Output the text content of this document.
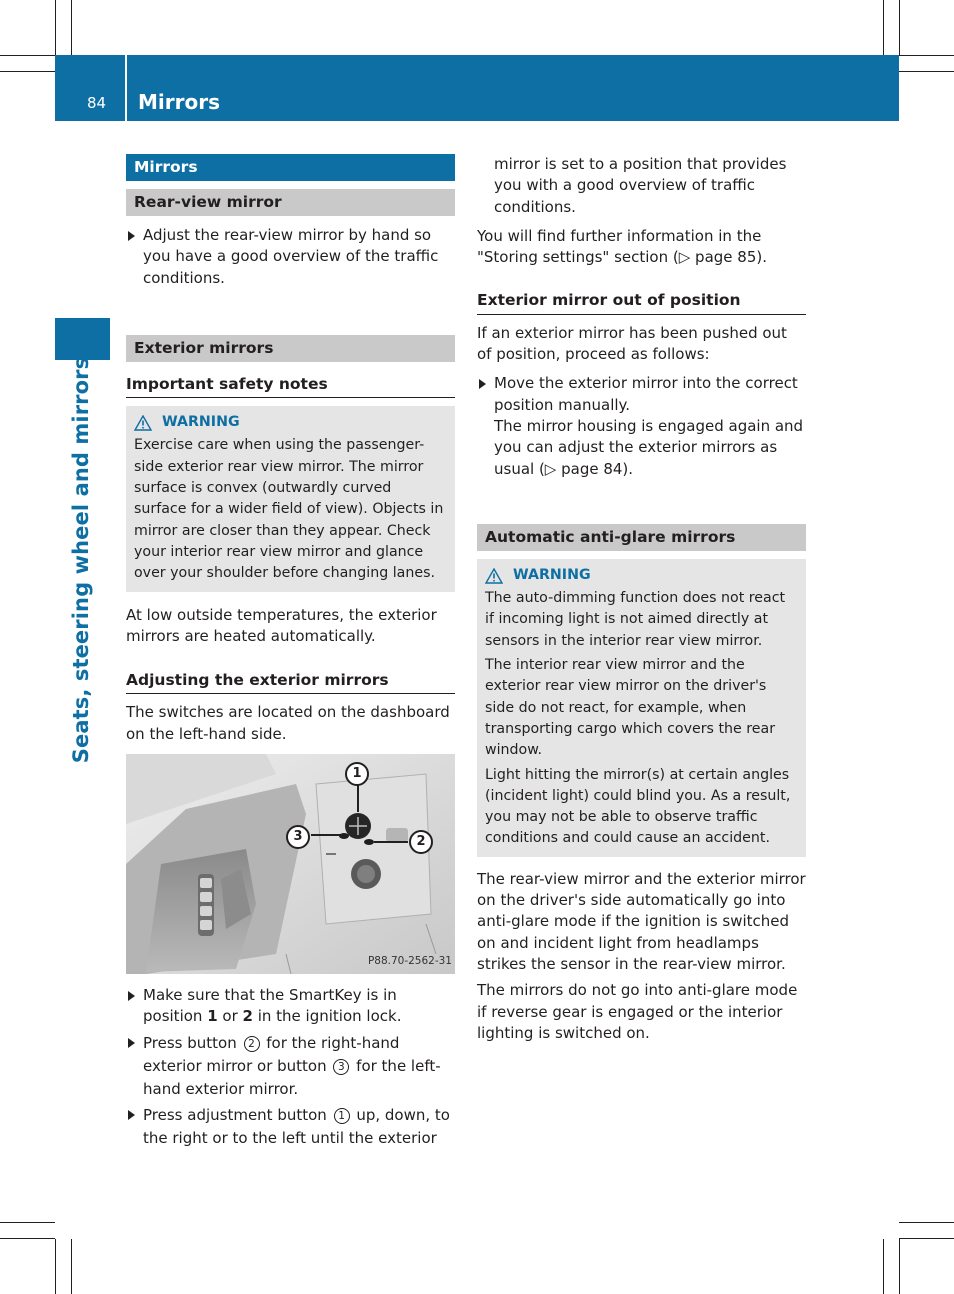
84 Mirrors
Seats, steering wheel and mirrors
Mirrors
Rear-view mirror

Adjust the rear-view mirror by hand so you have a good overview of the traffic conditions.

Exterior mirrors
Important safety notes
WARNING

Exercise care when using the passenger-side exterior rear view mirror. The mirror surface is convex (outwardly curved surface for a wider field of view). Objects in mirror are closer than they appear. Check your interior rear view mirror and glance over your shoulder before changing lanes.

At low outside temperatures, the exterior mirrors are heated automatically.

Adjusting the exterior mirrors

The switches are located on the dashboard on the left-hand side.

1
2
3
P88.70-2562-31

Make sure that the SmartKey is in position 1 or 2 in the ignition lock.

Press button 2 for the right-hand exterior mirror or button 3 for the left-hand exterior mirror.

Press adjustment button 1 up, down, to the right or to the left until the exterior

mirror is set to a position that provides you with a good overview of traffic conditions.

You will find further information in the "Storing settings" section (▷ page 85).

Exterior mirror out of position

If an exterior mirror has been pushed out of position, proceed as follows:

Move the exterior mirror into the correct position manually.

The mirror housing is engaged again and you can adjust the exterior mirrors as usual (▷ page 84).

Automatic anti-glare mirrors
WARNING

The auto-dimming function does not react if incoming light is not aimed directly at sensors in the interior rear view mirror.

The interior rear view mirror and the exterior rear view mirror on the driver's side do not react, for example, when transporting cargo which covers the rear window.

Light hitting the mirror(s) at certain angles (incident light) could blind you. As a result, you may not be able to observe traffic conditions and could cause an accident.

The rear-view mirror and the exterior mirror on the driver's side automatically go into anti-glare mode if the ignition is switched on and incident light from headlamps strikes the sensor in the rear-view mirror.

The mirrors do not go into anti-glare mode if reverse gear is engaged or the interior lighting is switched on.
